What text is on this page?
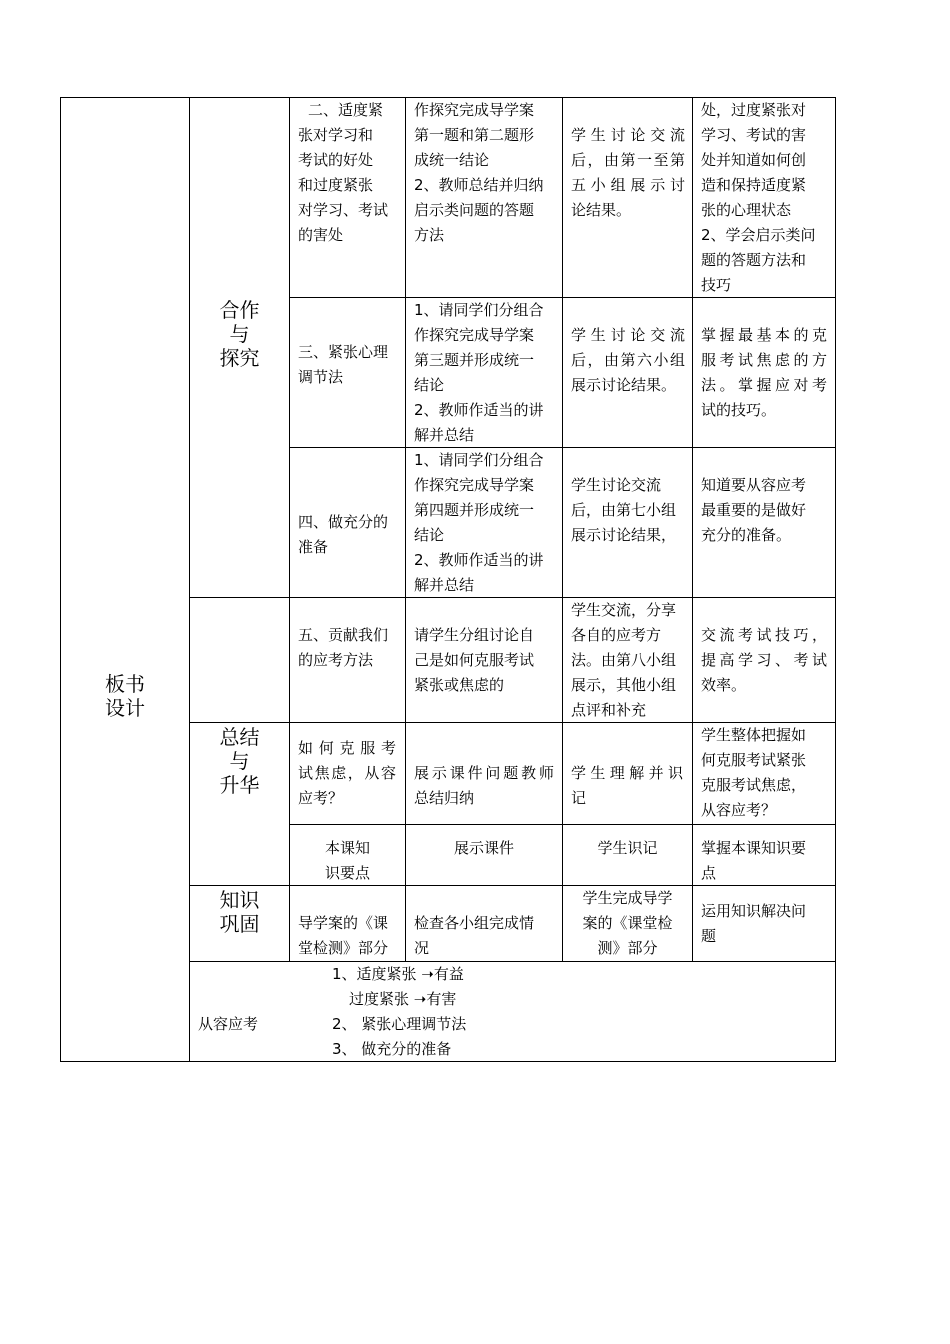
板书
设计
合作
与
探究
总结
与
升华
知识
巩固
二、适度紧
张对学习和
考试的好处
和过度紧张
对学习、考试
的害处
作探究完成导学案
第一题和第二题形
成统一结论
2、教师总结并归纳
启示类问题的答题
方法
学生讨论交流
后，由第一至第
五小组展示讨
论结果。
处，过度紧张对
学习、考试的害
处并知道如何创
造和保持适度紧
张的心理状态
2、学会启示类问
题的答题方法和
技巧
三、紧张心理
调节法
1、请同学们分组合
作探究完成导学案
第三题并形成统一
结论
2、教师作适当的讲
解并总结
学生讨论交流
后，由第六小组
展示讨论结果。
掌握最基本的克
服考试焦虑的方
法。掌握应对考
试的技巧。
四、做充分的
准备
1、请同学们分组合
作探究完成导学案
第四题并形成统一
结论
2、教师作适当的讲
解并总结
学生讨论交流
后，由第七小组
展示讨论结果，
知道要从容应考
最重要的是做好
充分的准备。
五、贡献我们
的应考方法
请学生分组讨论自
己是如何克服考试
紧张或焦虑的
学生交流，分享
各自的应考方
法。由第八小组
展示，其他小组
点评和补充
交流考试技巧，
提高学习、考试
效率。
如何克服考
试焦虑，从容
应考？
展示课件问题教师
总结归纳
学生理解并识
记
学生整体把握如
何克服考试紧张
克服考试焦虑，
从容应考？
本课知
识要点
展示课件	学生识记	掌握本课知识要
点
导学案的《课
堂检测》部分
检查各小组完成情
况
学生完成导学
案的《课堂检
测》部分
运用知识解决问
题
从容应考
1、适度紧张 ➝有益
过度紧张 ➝有害
2、 紧张心理调节法
3、 做充分的准备
